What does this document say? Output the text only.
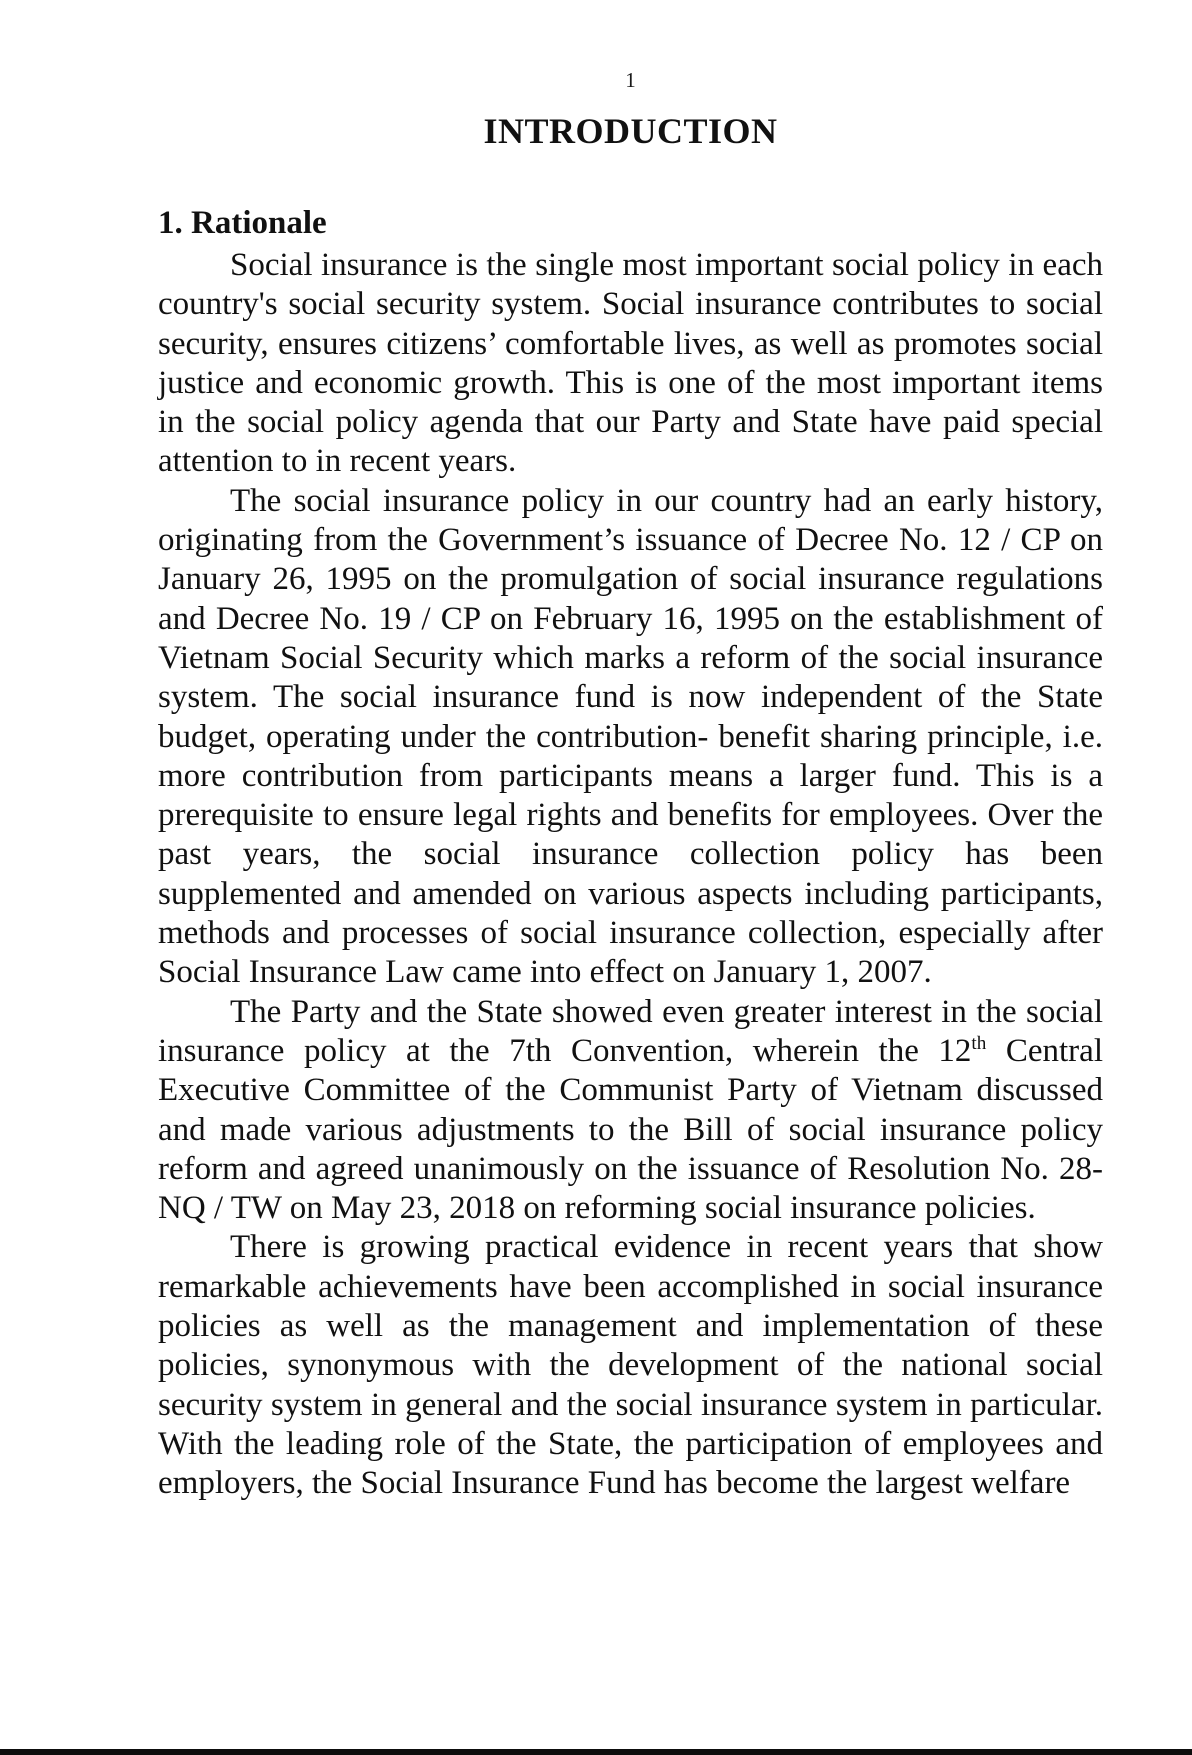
1
INTRODUCTION
1. Rationale

Social insurance is the single most important social policy in each country's social security system. Social insurance contributes to social security, ensures citizens’ comfortable lives, as well as promotes social justice and economic growth. This is one of the most important items in the social policy agenda that our Party and State have paid special attention to in recent years.

The social insurance policy in our country had an early history, originating from the Government’s issuance of Decree No. 12 / CP on January 26, 1995 on the promulgation of social insurance regulations and Decree No. 19 / CP on February 16, 1995 on the establishment of Vietnam Social Security which marks a reform of the social insurance system. The social insurance fund is now independent of the State budget, operating under the contribution- benefit sharing principle, i.e. more contribution from participants means a larger fund. This is a prerequisite to ensure legal rights and benefits for employees. Over the past years, the social insurance collection policy has been supplemented and amended on various aspects including participants, methods and processes of social insurance collection, especially after Social Insurance Law came into effect on January 1, 2007.

The Party and the State showed even greater interest in the social insurance policy at the 7th Convention, wherein the 12th Central Executive Committee of the Communist Party of Vietnam discussed and made various adjustments to the Bill of social insurance policy reform and agreed unanimously on the issuance of Resolution No. 28-NQ / TW on May 23, 2018 on reforming social insurance policies.

There is growing practical evidence in recent years that show remarkable achievements have been accomplished in social insurance policies as well as the management and implementation of these policies, synonymous with the development of the national social security system in general and the social insurance system in particular. With the leading role of the State, the participation of employees and employers, the Social Insurance Fund has become the largest welfare
